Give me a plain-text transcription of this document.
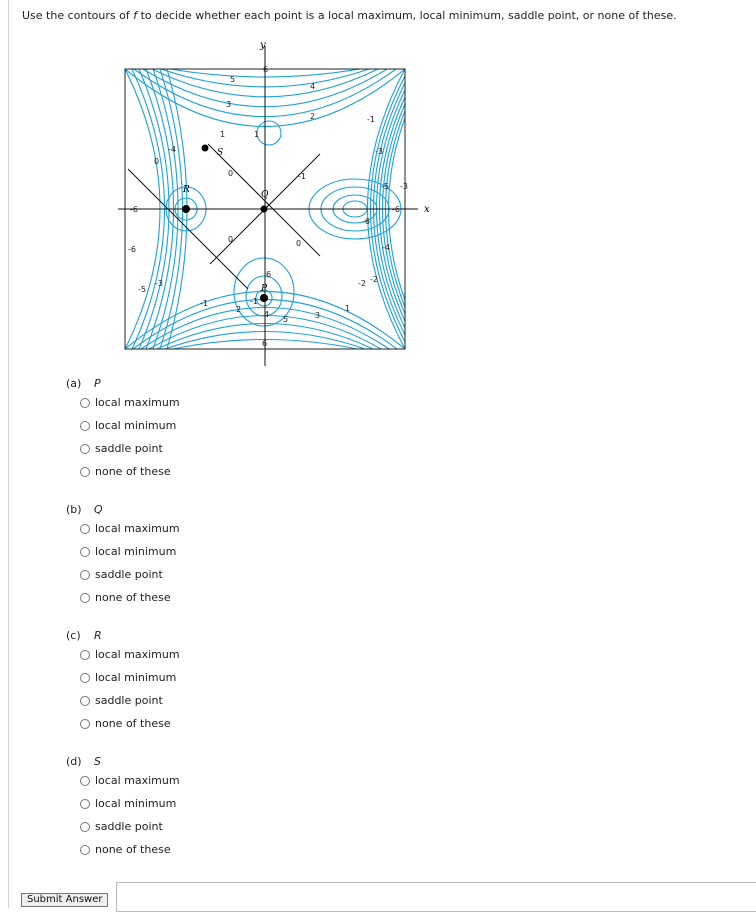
Use the contours of f to decide whether each point is a local maximum, local minimum, saddle point, or none of these.
y
x
Q
R
P
S
-6
6
5
3
1	1
4
2	-1
-3
-5
-6
-6
-4
-2
-1
0
0	0
0
-4
-2
-6
-5
-3
-1
2
4
6
5	3
1
6
-1
-3
(a) P
local maximum
local minimum
saddle point
none of these
(b) Q
local maximum
local minimum
saddle point
none of these
(c) R
local maximum
local minimum
saddle point
none of these
(d) S
local maximum
local minimum
saddle point
none of these
Submit Answer
